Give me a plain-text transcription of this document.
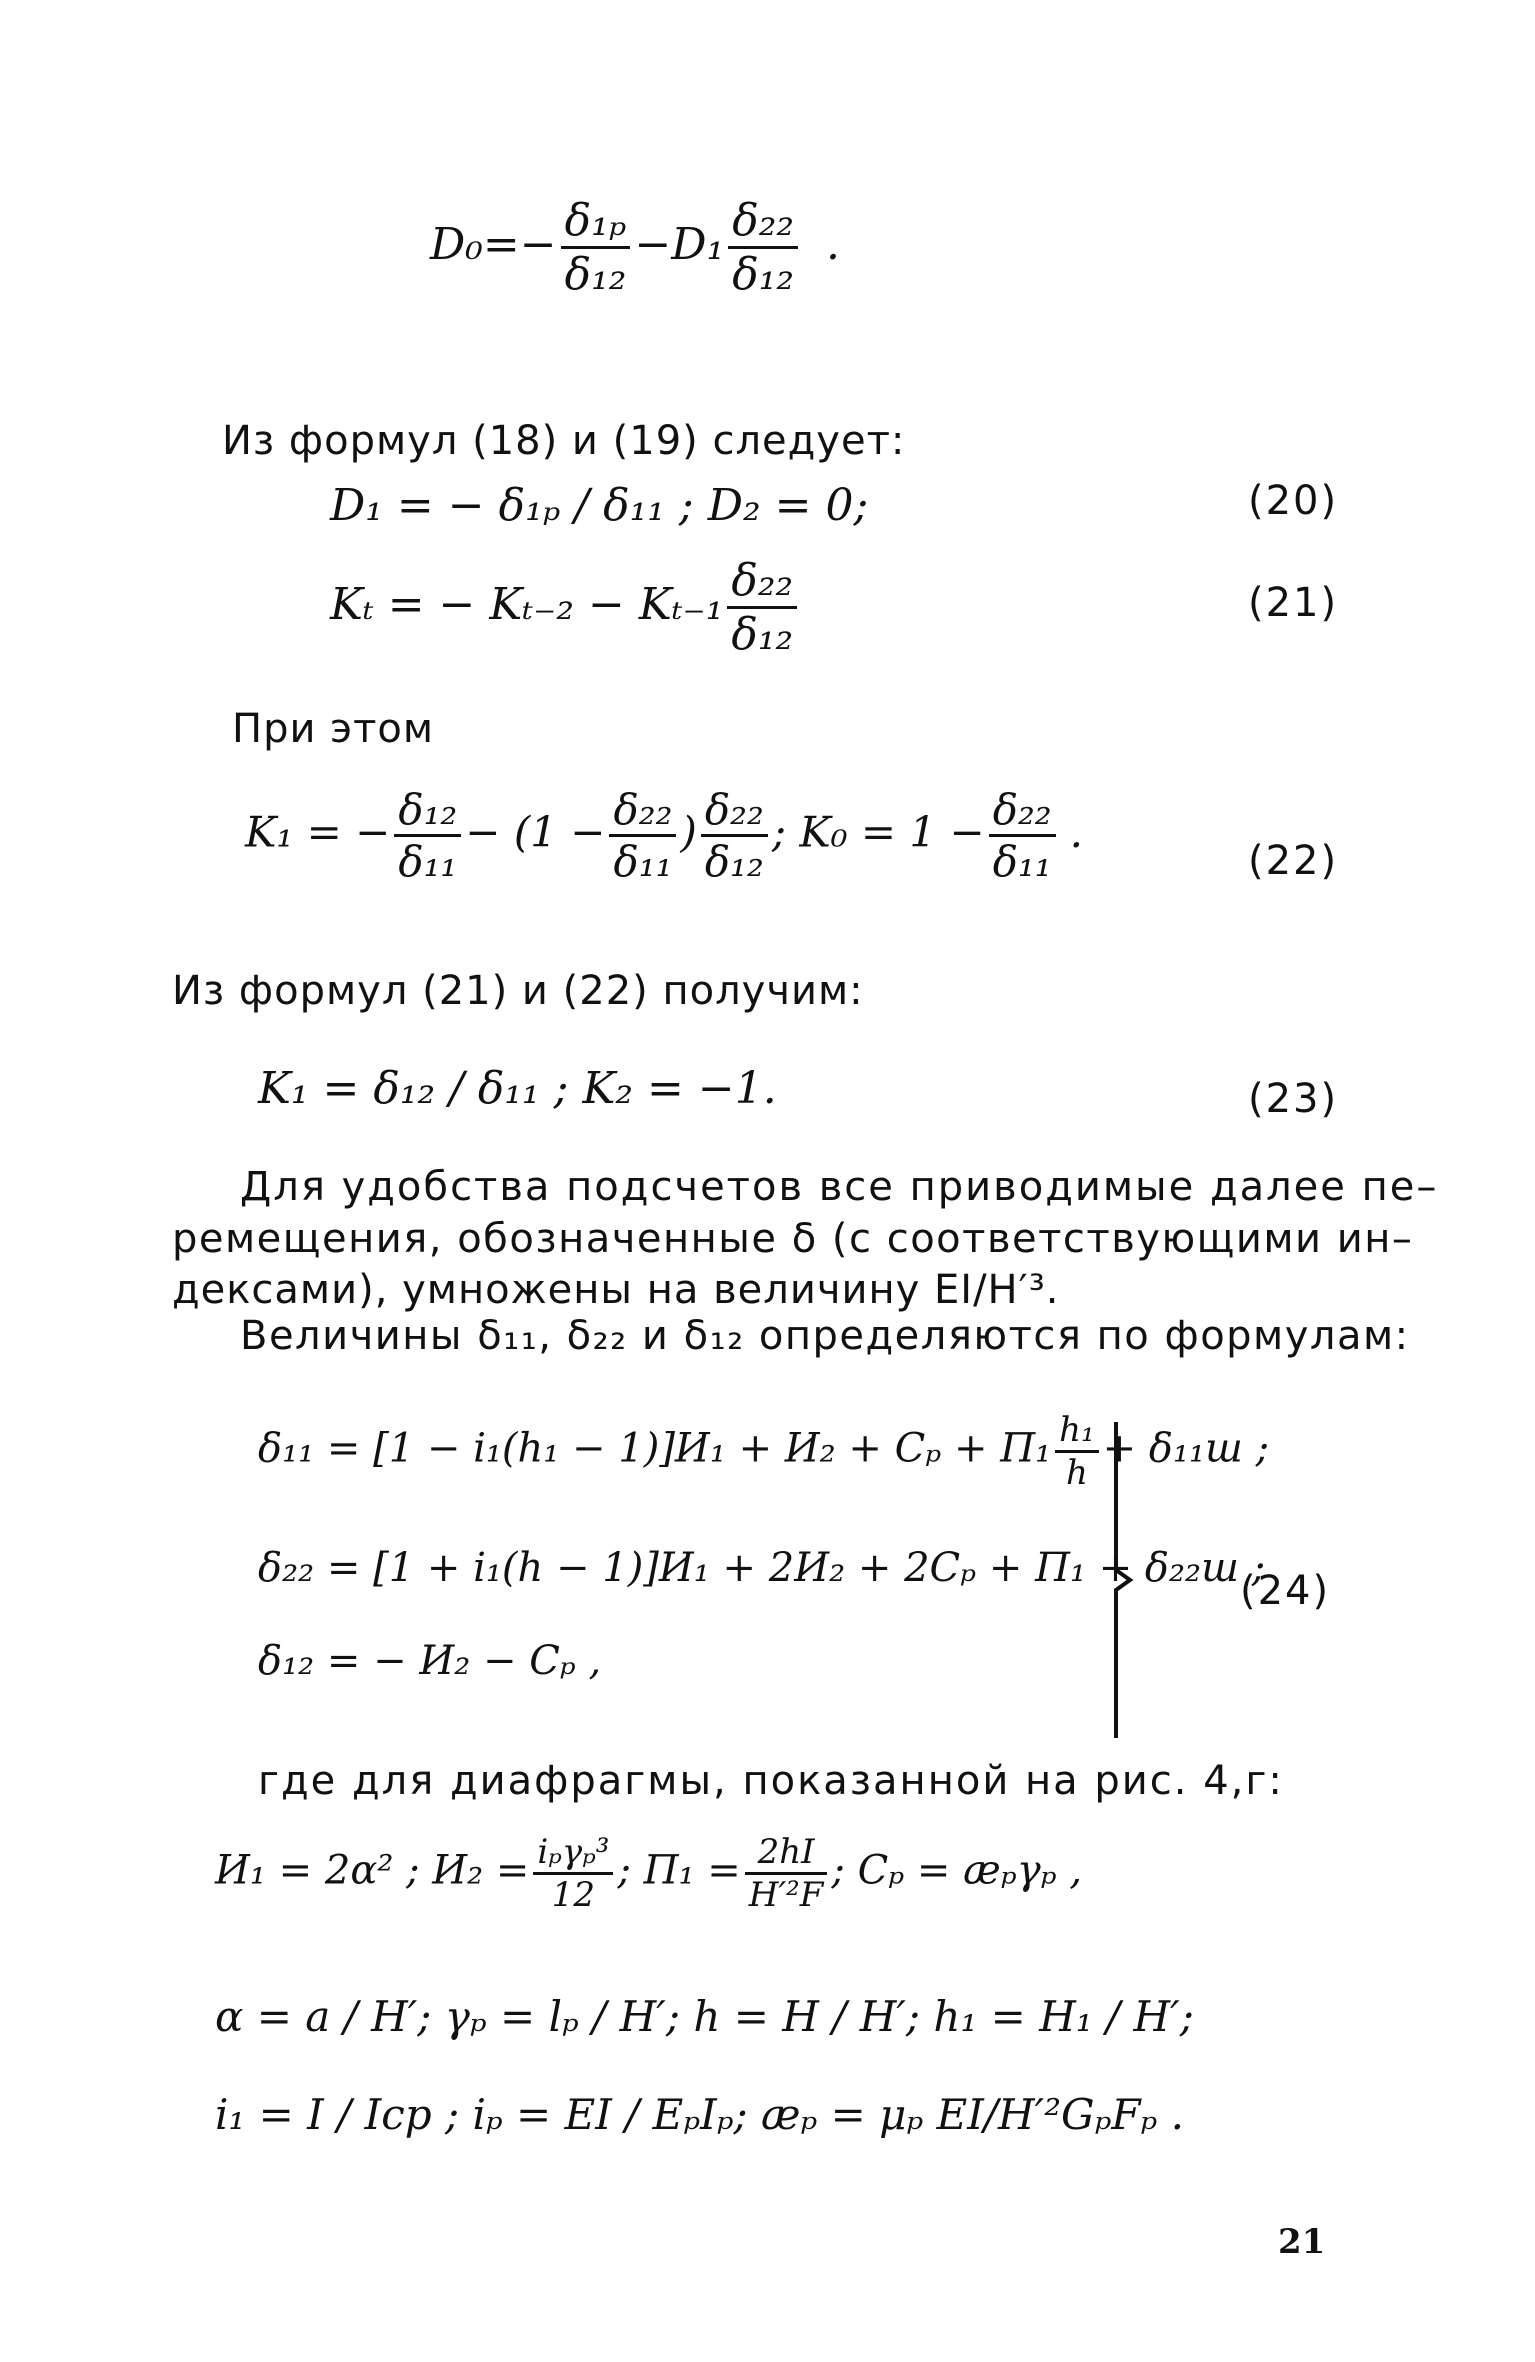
$D_0=- \frac{\text{δ₁ₚ}}{\text{δ₁₂}} -D_1 \frac{\text{δ₂₂}}{\text{δ₁₂}}$ .
Из формул (18) и (19) следует:
D₁ = − δ₁ₚ / δ₁₁ ; D₂ = 0;	(20)
Kₜ = − $K_{t-2} - K_{t-1} \frac{\text{δ₂₂}}{\text{δ₁₂}}$	(21)
При этом
K₁ = − $\frac{\text{δ₁₂}}{\text{δ₁₁}} - (1 - \frac{\text{δ₂₂}}{\text{δ₁₁}}$ ) $\frac{\text{δ₂₂}}{\text{δ₁₂}}$ ; $K_0 = 1 - \frac{\text{δ₂₂}}{\text{δ₁₁}}$ .
(22)
Из формул (21) и (22) получим:
K₁ = δ₁₂ / δ₁₁ ; K₂ = −1.	(23)
Для удобства подсчетов все приводимые далее пе–
ремещения, обозначенные δ (с соответствующими ин–
дексами), умножены на величину EI/H′³.
Величины δ₁₁, δ₂₂ и δ₁₂ определяются по формулам:
$\delta_{11} = [1 - i_1(h_1 - 1)]И_1 + И_2 + C_p + П_1 \frac{\text{h₁}}{h} + \delta_{11}ш$ ;
δ₂₂ = [1 + i₁(h − 1)]И₁ + 2И₂ + 2Cₚ + П₁ + δ₂₂ш ;
δ₁₂ = − И₂ − Cₚ ,
(24)
где для диафрагмы, показанной на рис. 4,г:
И₁ = 2α² ; $И_2 = \frac{\text{iₚγₚ³}}{12}$ ; $П_1 = \frac{2hI}{\text{H′²F}}$ ; Cₚ = æₚγₚ ,
α = a / H′; γₚ = lₚ / H′; h = H / H′; h₁ = H₁ / H′;
i₁ = I / Iср ; iₚ = EI / EₚIₚ; æₚ = μₚ EI/H′²GₚFₚ .
21
